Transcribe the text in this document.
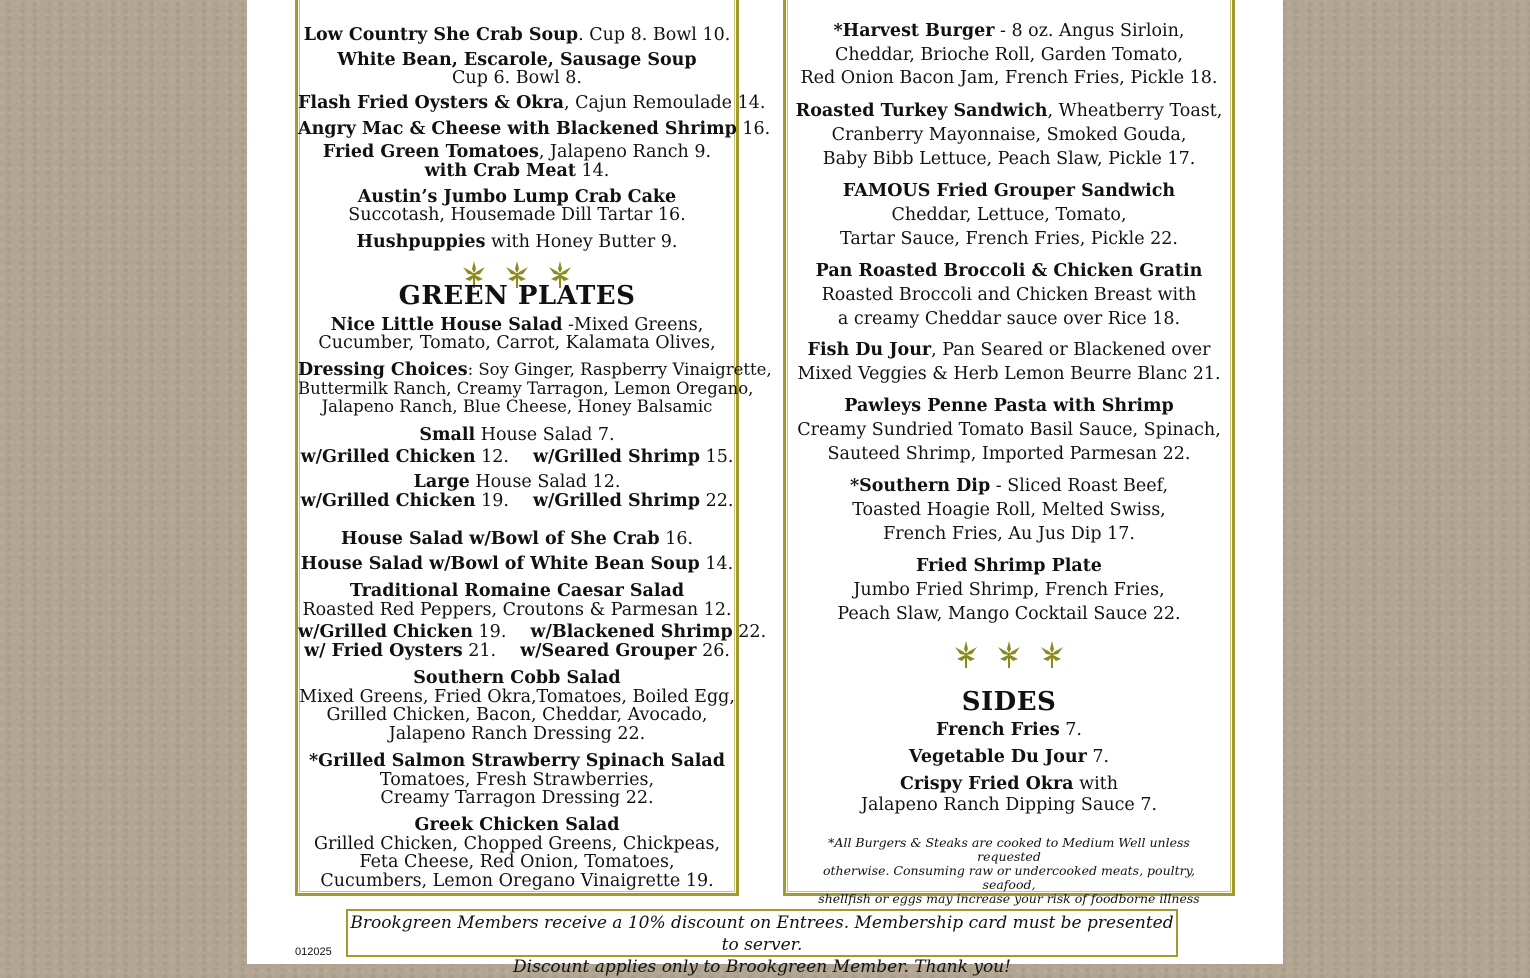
Low Country She Crab Soup. Cup 8. Bowl 10.
White Bean, Escarole, Sausage Soup
Cup 6. Bowl 8.
Flash Fried Oysters & Okra, Cajun Remoulade 14.
Angry Mac & Cheese with Blackened Shrimp 16.
Fried Green Tomatoes, Jalapeno Ranch 9.
with Crab Meat 14.
Austin’s Jumbo Lump Crab Cake
Succotash, Housemade Dill Tartar 16.
Hushpuppies with Honey Butter 9.

GREEN PLATES
Nice Little House Salad -Mixed Greens,
Cucumber, Tomato, Carrot, Kalamata Olives,
Dressing Choices: Soy Ginger, Raspberry Vinaigrette,
Buttermilk Ranch, Creamy Tarragon, Lemon Oregano,
Jalapeno Ranch, Blue Cheese, Honey Balsamic
Small House Salad 7.
w/Grilled Chicken 12. w/Grilled Shrimp 15.
Large House Salad 12.
w/Grilled Chicken 19. w/Grilled Shrimp 22.
House Salad w/Bowl of She Crab 16.
House Salad w/Bowl of White Bean Soup 14.
Traditional Romaine Caesar Salad
Roasted Red Peppers, Croutons & Parmesan 12.
w/Grilled Chicken 19. w/Blackened Shrimp 22.
w/ Fried Oysters 21. w/Seared Grouper 26.
Southern Cobb Salad
Mixed Greens, Fried Okra,Tomatoes, Boiled Egg,
Grilled Chicken, Bacon, Cheddar, Avocado,
Jalapeno Ranch Dressing 22.
*Grilled Salmon Strawberry Spinach Salad
Tomatoes, Fresh Strawberries,
Creamy Tarragon Dressing 22.
Greek Chicken Salad
Grilled Chicken, Chopped Greens, Chickpeas,
Feta Cheese, Red Onion, Tomatoes,
Cucumbers, Lemon Oregano Vinaigrette 19.
*Harvest Burger - 8 oz. Angus Sirloin,
Cheddar, Brioche Roll, Garden Tomato,
Red Onion Bacon Jam, French Fries, Pickle 18.
Roasted Turkey Sandwich, Wheatberry Toast,
Cranberry Mayonnaise, Smoked Gouda,
Baby Bibb Lettuce, Peach Slaw, Pickle 17.
FAMOUS Fried Grouper Sandwich
Cheddar, Lettuce, Tomato,
Tartar Sauce, French Fries, Pickle 22.
Pan Roasted Broccoli & Chicken Gratin
Roasted Broccoli and Chicken Breast with
a creamy Cheddar sauce over Rice 18.
Fish Du Jour, Pan Seared or Blackened over
Mixed Veggies & Herb Lemon Beurre Blanc 21.
Pawleys Penne Pasta with Shrimp
Creamy Sundried Tomato Basil Sauce, Spinach,
Sauteed Shrimp, Imported Parmesan 22.
*Southern Dip - Sliced Roast Beef,
Toasted Hoagie Roll, Melted Swiss,
French Fries, Au Jus Dip 17.
Fried Shrimp Plate
Jumbo Fried Shrimp, French Fries,
Peach Slaw, Mango Cocktail Sauce 22.

SIDES
French Fries 7.
Vegetable Du Jour 7.
Crispy Fried Okra with
Jalapeno Ranch Dipping Sauce 7.
*All Burgers & Steaks are cooked to Medium Well unless requested
otherwise. Consuming raw or undercooked meats, poultry, seafood,
shellfish or eggs may increase your risk of foodborne illness
Brookgreen Members receive a 10% discount on Entrees. Membership card must be presented to server.
Discount applies only to Brookgreen Member. Thank you!
012025
